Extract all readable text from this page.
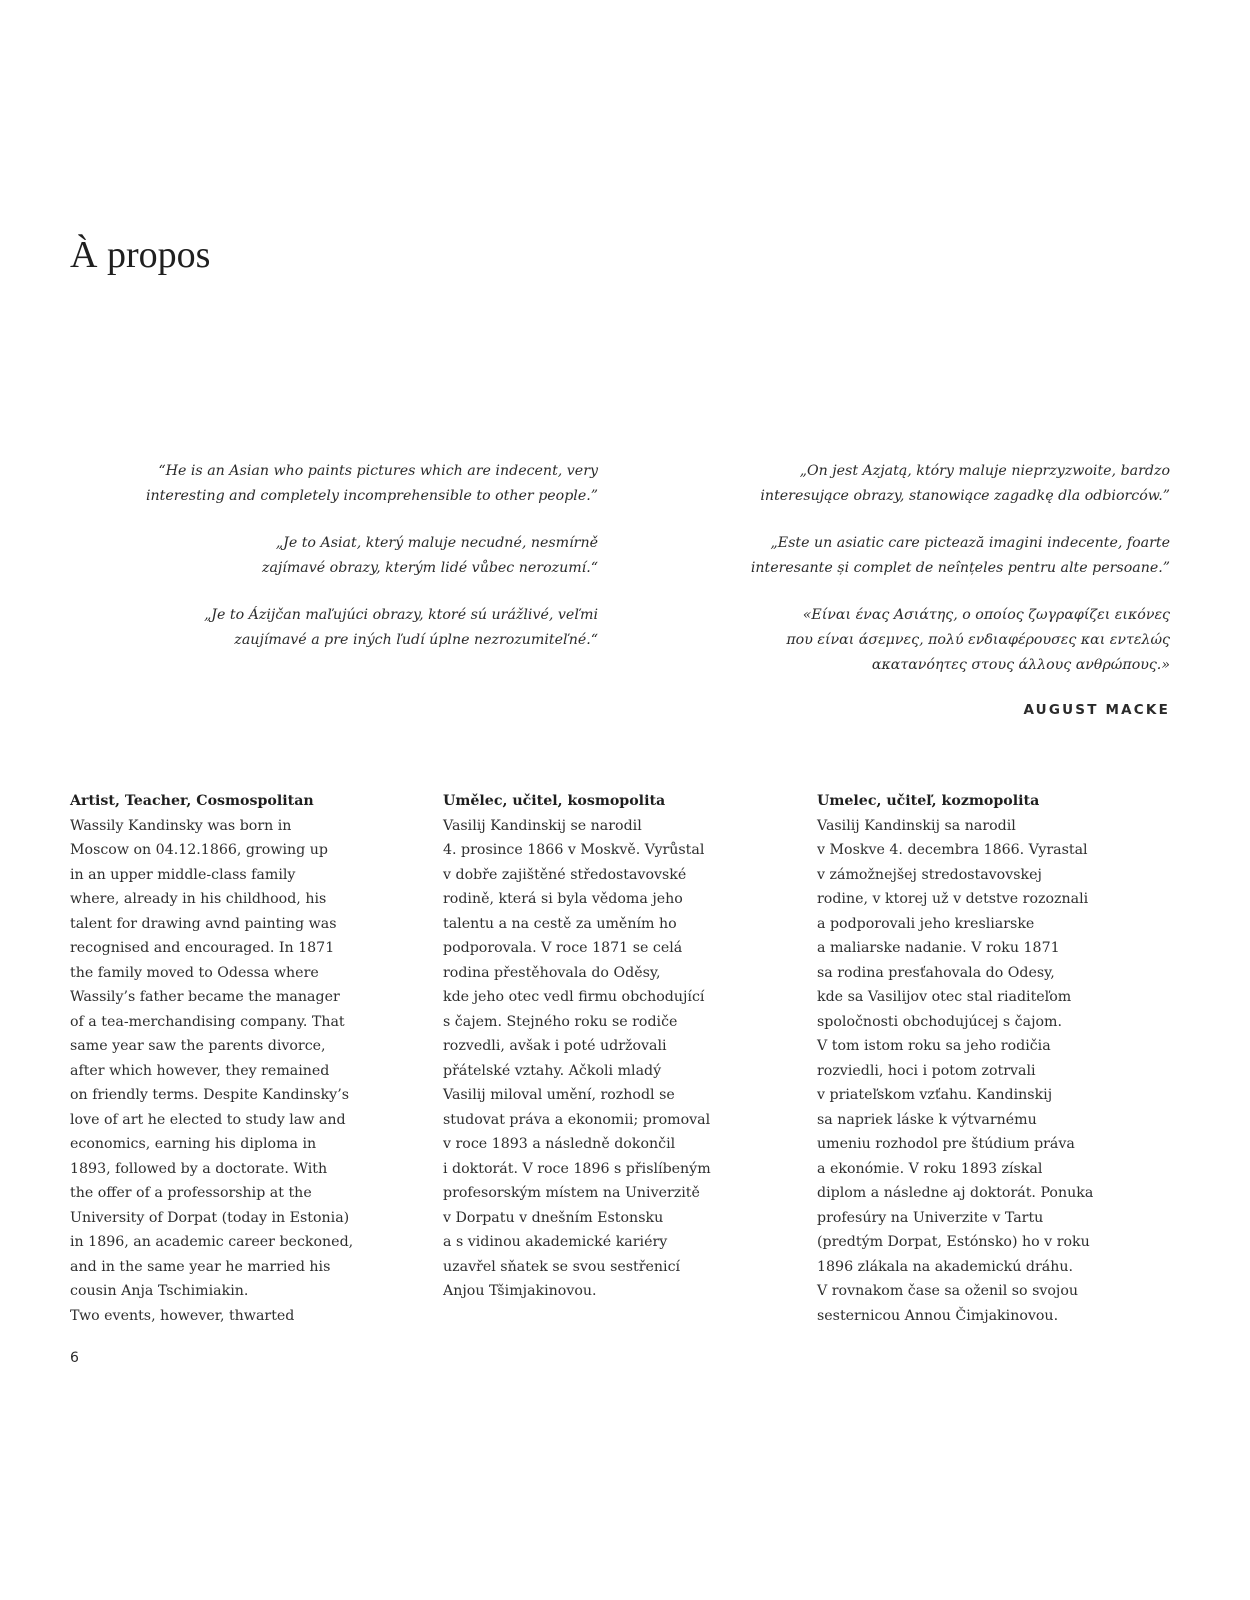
À propos

“He is an Asian who paints pictures which are indecent, very
interesting and completely incomprehensible to other people.”

„Je to Asiat, který maluje necudné, nesmírně
zajímavé obrazy, kterým lidé vůbec nerozumí.“

„Je to Ázijčan maľujúci obrazy, ktoré sú urážlivé, veľmi
zaujímavé a pre iných ľudí úplne nezrozumiteľné.“

„On jest Azjatą, który maluje nieprzyzwoite, bardzo
interesujące obrazy, stanowiące zagadkę dla odbiorców.”

„Este un asiatic care pictează imagini indecente, foarte
interesante și complet de neînțeles pentru alte persoane.”

«Είναι ένας Ασιάτης, ο οποίος ζωγραφίζει εικόνες
που είναι άσεμνες, πολύ ενδιαφέρουσες και εντελώς
ακατανόητες στους άλλους ανθρώπους.»

AUGUST MACKE
Artist, Teacher, Cosmospolitan
Wassily Kandinsky was born in
Moscow on 04.12.1866, growing up
in an upper middle-class family
where, already in his childhood, his
talent for drawing avnd painting was
recognised and encouraged. In 1871
the family moved to Odessa where
Wassily’s father became the manager
of a tea-merchandising company. That
same year saw the parents divorce,
after which however, they remained
on friendly terms. Despite Kandinsky’s
love of art he elected to study law and
economics, earning his diploma in
1893, followed by a doctorate. With
the offer of a professorship at the
University of Dorpat (today in Estonia)
in 1896, an academic career beckoned,
and in the same year he married his
cousin Anja Tschimiakin.
Two events, however, thwarted
Umělec, učitel, kosmopolita
Vasilij Kandinskij se narodil
4. prosince 1866 v Moskvě. Vyrůstal
v dobře zajištěné středostavovské
rodině, která si byla vědoma jeho
talentu a na cestě za uměním ho
podporovala. V roce 1871 se celá
rodina přestěhovala do Oděsy,
kde jeho otec vedl firmu obchodující
s čajem. Stejného roku se rodiče
rozvedli, avšak i poté udržovali
přátelské vztahy. Ačkoli mladý
Vasilij miloval umění, rozhodl se
studovat práva a ekonomii; promoval
v roce 1893 a následně dokončil
i doktorát. V roce 1896 s přislíbeným
profesorským místem na Univerzitě
v Dorpatu v dnešním Estonsku
a s vidinou akademické kariéry
uzavřel sňatek se svou sestřenicí
Anjou Tšimjakinovou.
Umelec, učiteľ, kozmopolita
Vasilij Kandinskij sa narodil
v Moskve 4. decembra 1866. Vyrastal
v zámožnejšej stredostavovskej
rodine, v ktorej už v detstve rozoznali
a podporovali jeho kresliarske
a maliarske nadanie. V roku 1871
sa rodina presťahovala do Odesy,
kde sa Vasilijov otec stal riaditeľom
spoločnosti obchodujúcej s čajom.
V tom istom roku sa jeho rodičia
rozviedli, hoci i potom zotrvali
v priateľskom vzťahu. Kandinskij
sa napriek láske k výtvarnému
umeniu rozhodol pre štúdium práva
a ekonómie. V roku 1893 získal
diplom a následne aj doktorát. Ponuka
profesúry na Univerzite v Tartu
(predtým Dorpat, Estónsko) ho v roku
1896 zlákala na akademickú dráhu.
V rovnakom čase sa oženil so svojou
sesternicou Annou Čimjakinovou.
6
